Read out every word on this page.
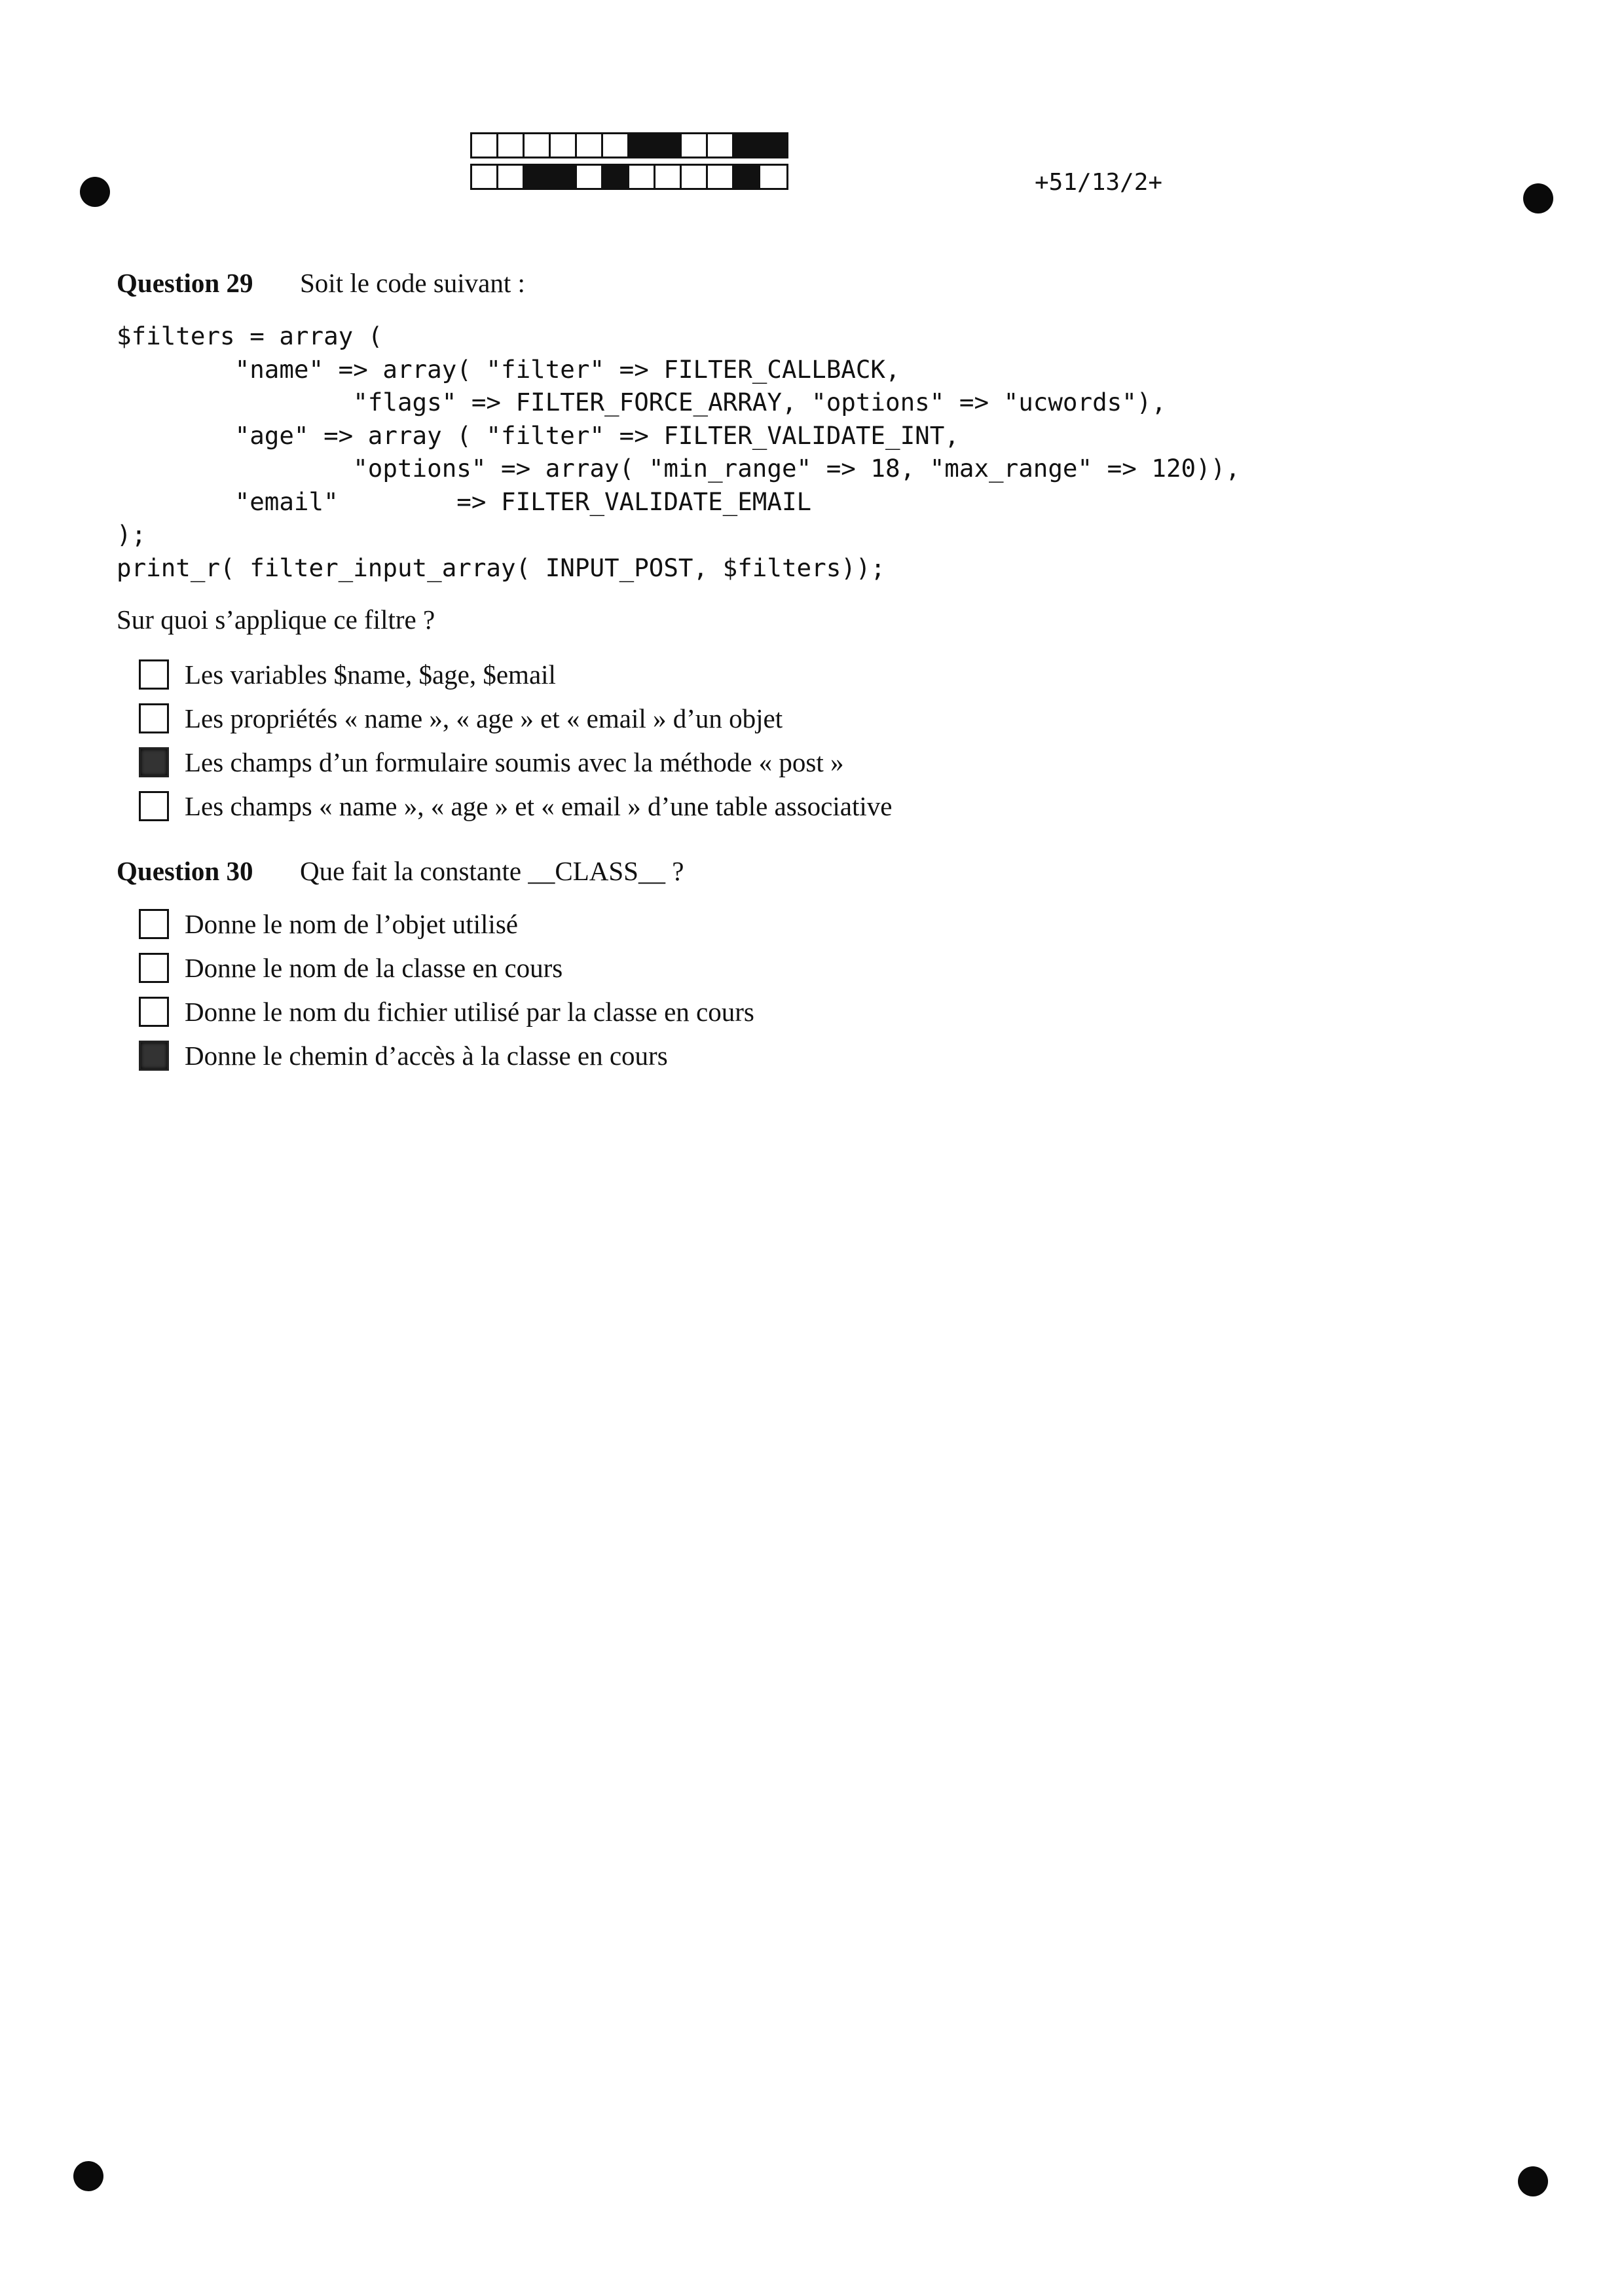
+51/13/2+
Question 29	Soit le code suivant :
$filters = array (
"name" => array( "filter" => FILTER_CALLBACK,
"flags" => FILTER_FORCE_ARRAY, "options" => "ucwords"),
"age" => array ( "filter" => FILTER_VALIDATE_INT,
"options" => array( "min_range" => 18, "max_range" => 120)),
"email"        => FILTER_VALIDATE_EMAIL
);
print_r( filter_input_array( INPUT_POST, $filters));
Sur quoi s’applique ce filtre ?
Les variables $name, $age, $email
Les propriétés « name », « age » et « email » d’un objet
Les champs d’un formulaire soumis avec la méthode « post »
Les champs « name », « age » et « email » d’une table associative
Question 30	Que fait la constante __CLASS__ ?
Donne le nom de l’objet utilisé
Donne le nom de la classe en cours
Donne le nom du fichier utilisé par la classe en cours
Donne le chemin d’accès à la classe en cours
